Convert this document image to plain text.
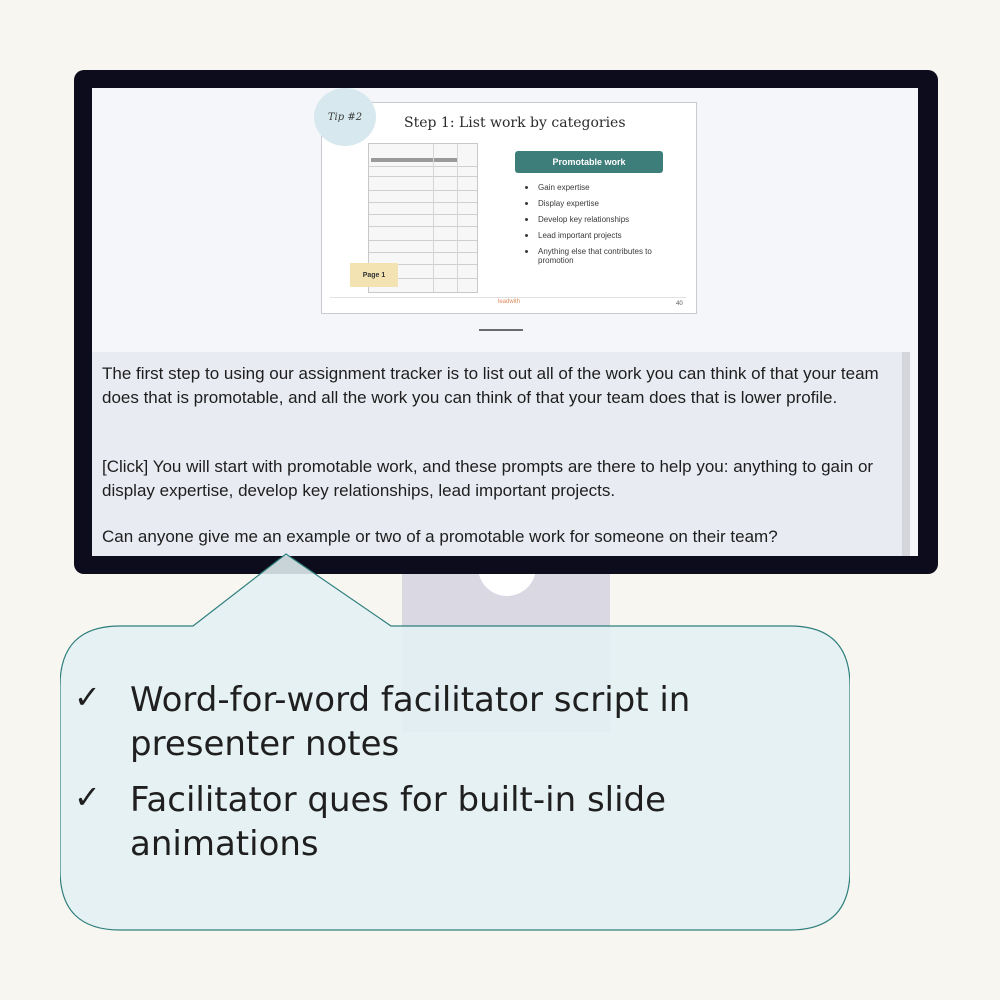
Step 1: List work by categories
Page 1
Promotable work
Gain expertise
Display expertise
Develop key relationships
Lead important projects
Anything else that contributes to promotion
leadwith	40
Tip #2

The first step to using our assignment tracker is to list out all of the work you can think of that your team does that is promotable, and all the work you can think of that your team does that is lower profile.

[Click] You will start with promotable work, and these prompts are there to help you: anything to gain or display expertise, develop key relationships, lead important projects.

Can anyone give me an example or two of a promotable work for someone on their team?

✓ Word-for-word facilitator script in presenter notes
✓ Facilitator ques for built-in slide animations
